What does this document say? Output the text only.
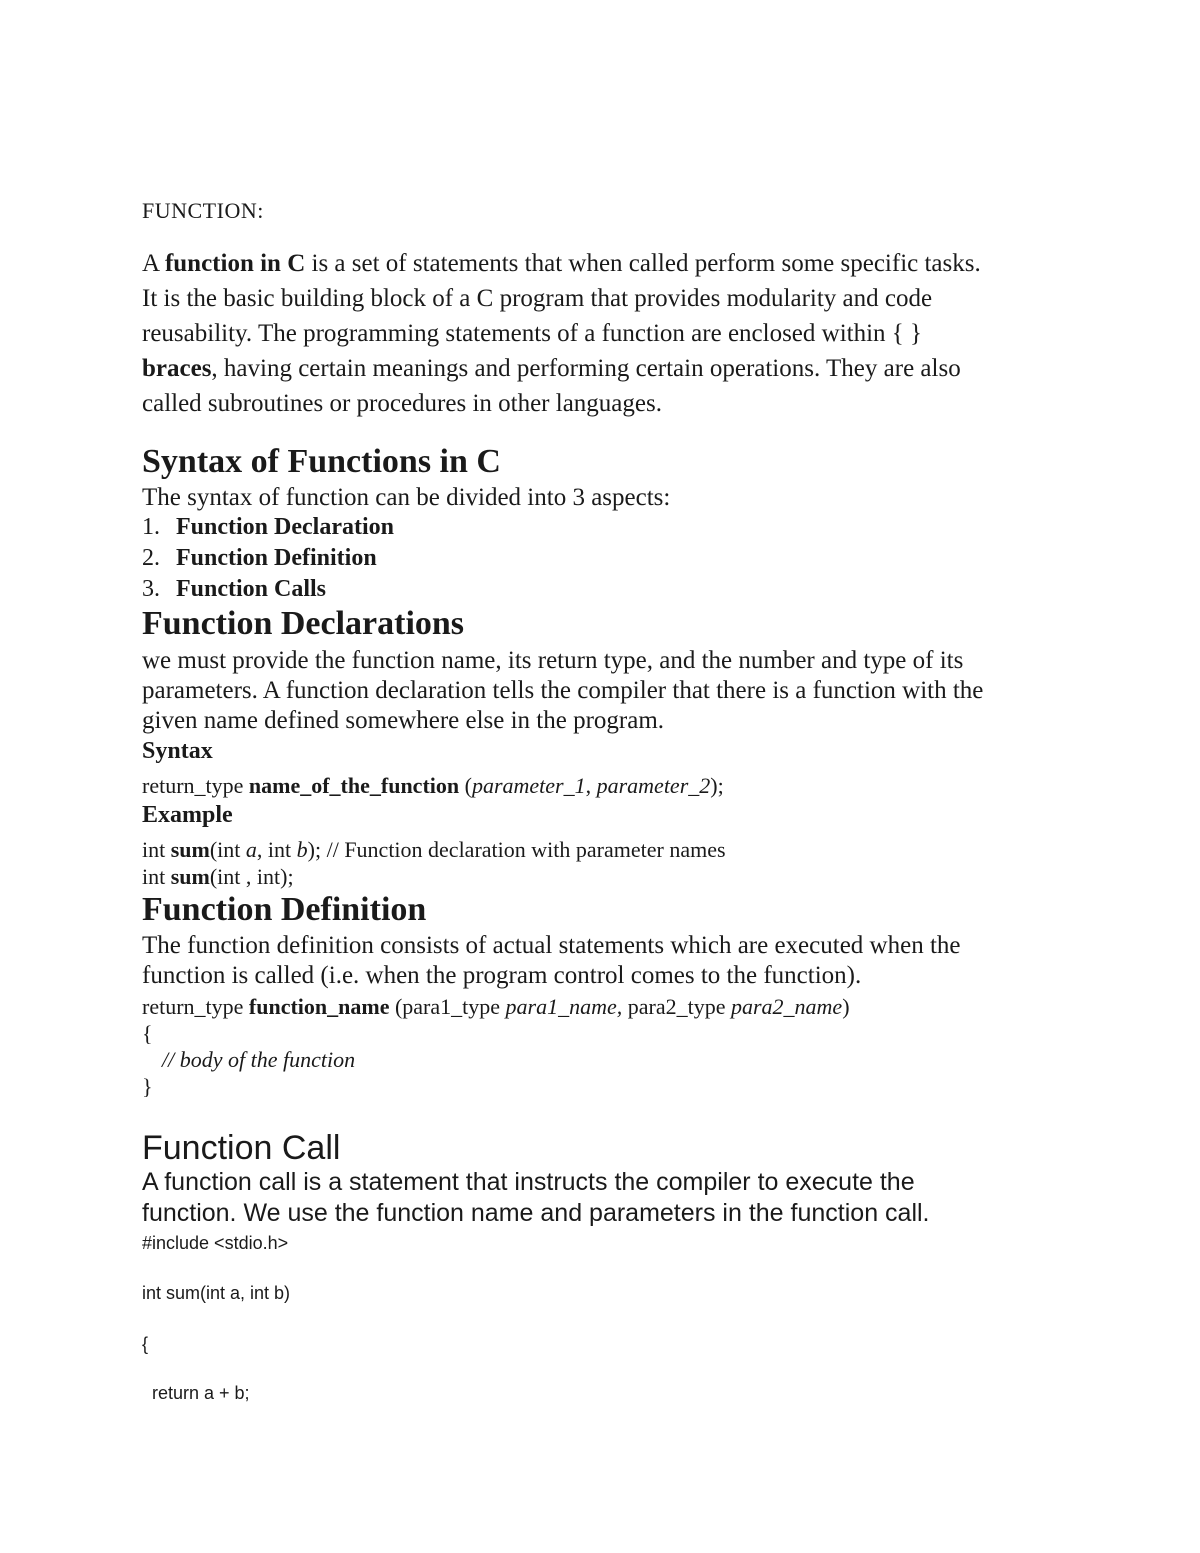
FUNCTION:
A function in C is a set of statements that when called perform some specific tasks.
It is the basic building block of a C program that provides modularity and code
reusability. The programming statements of a function are enclosed within { }
braces, having certain meanings and performing certain operations. They are also
called subroutines or procedures in other languages.
Syntax of Functions in C
The syntax of function can be divided into 3 aspects:
1. Function Declaration
2. Function Definition
3. Function Calls
Function Declarations
we must provide the function name, its return type, and the number and type of its
parameters. A function declaration tells the compiler that there is a function with the
given name defined somewhere else in the program.
Syntax
return_type name_of_the_function (parameter_1, parameter_2);
Example
int sum(int a, int b); // Function declaration with parameter names
int sum(int , int);
Function Definition
The function definition consists of actual statements which are executed when the
function is called (i.e. when the program control comes to the function).
return_type function_name (para1_type para1_name, para2_type para2_name)
{
// body of the function
}
Function Call
A function call is a statement that instructs the compiler to execute the
function. We use the function name and parameters in the function call.
#include <stdio.h>
int sum(int a, int b)
{
return a + b;
